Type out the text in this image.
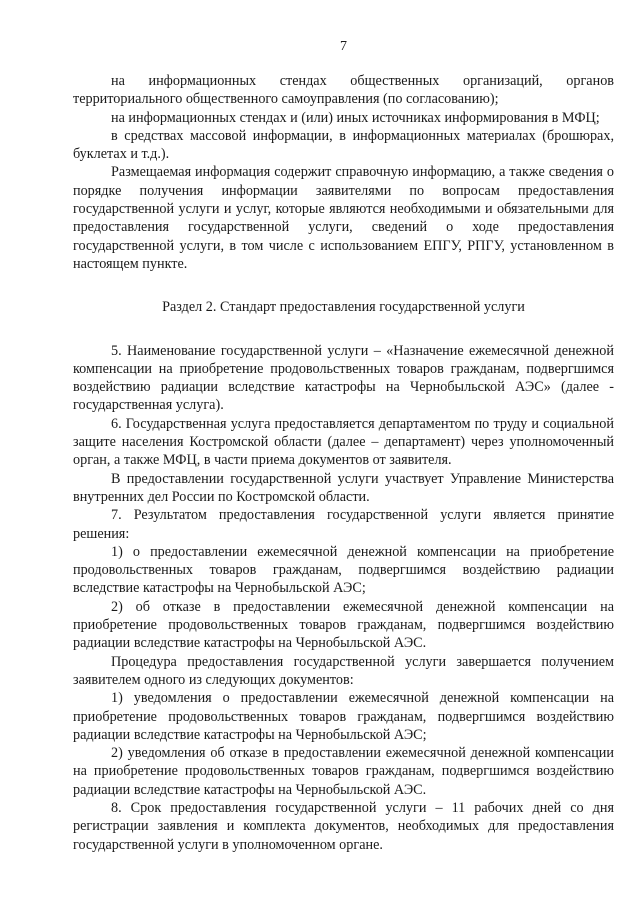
7

на информационных стендах общественных организаций, органов территориального общественного самоуправления (по согласованию);

на информационных стендах и (или) иных источниках информирования в МФЦ;

в средствах массовой информации, в информационных материалах (брошюрах, буклетах и т.д.).

Размещаемая информация содержит справочную информацию, а также сведения о порядке получения информации заявителями по вопросам предоставления государственной услуги и услуг, которые являются необходимыми и обязательными для предоставления государственной услуги, сведений о ходе предоставления государственной услуги, в том числе с использованием ЕПГУ, РПГУ, установленном в настоящем пункте.

Раздел 2. Стандарт предоставления государственной услуги

5. Наименование государственной услуги – «Назначение ежемесячной денежной компенсации на приобретение продовольственных товаров гражданам, подвергшимся воздействию радиации вследствие катастрофы на Чернобыльской АЭС» (далее - государственная услуга).

6. Государственная услуга предоставляется департаментом по труду и социальной защите населения Костромской области (далее – департамент) через уполномоченный орган, а также МФЦ, в части приема документов от заявителя.

В предоставлении государственной услуги участвует Управление Министерства внутренних дел России по Костромской области.

7. Результатом предоставления государственной услуги является принятие решения:

1) о предоставлении ежемесячной денежной компенсации на приобретение продовольственных товаров гражданам, подвергшимся воздействию радиации вследствие катастрофы на Чернобыльской АЭС;

2) об отказе в предоставлении ежемесячной денежной компенсации на приобретение продовольственных товаров гражданам, подвергшимся воздействию радиации вследствие катастрофы на Чернобыльской АЭС.

Процедура предоставления государственной услуги завершается получением заявителем одного из следующих документов:

1) уведомления о предоставлении ежемесячной денежной компенсации на приобретение продовольственных товаров гражданам, подвергшимся воздействию радиации вследствие катастрофы на Чернобыльской АЭС;

2) уведомления об отказе в предоставлении ежемесячной денежной компенсации на приобретение продовольственных товаров гражданам, подвергшимся воздействию радиации вследствие катастрофы на Чернобыльской АЭС.

8. Срок предоставления государственной услуги – 11 рабочих дней со дня регистрации заявления и комплекта документов, необходимых для предоставления государственной услуги в уполномоченном органе.
